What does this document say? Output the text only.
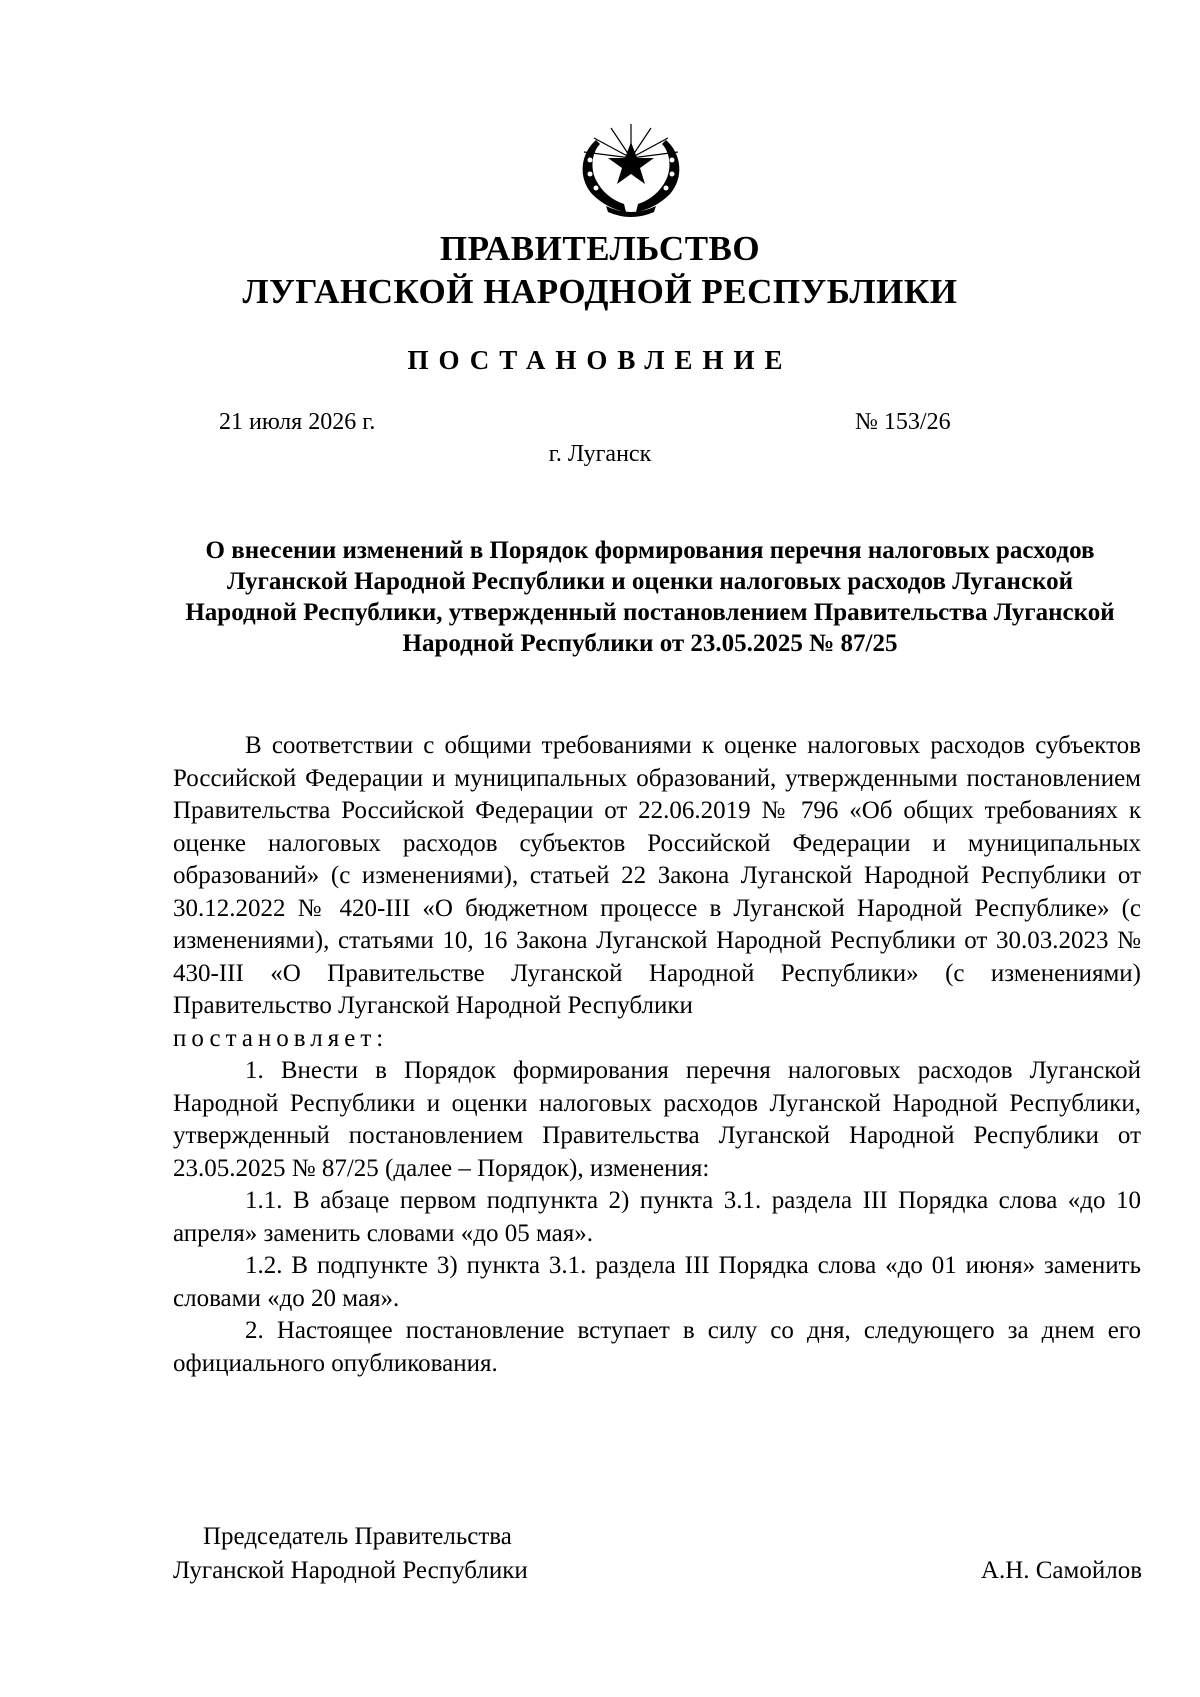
ПРАВИТЕЛЬСТВО
ЛУГАНСКОЙ НАРОДНОЙ РЕСПУБЛИКИ
ПОСТАНОВЛЕНИЕ
21 июля 2026 г.	№ 153/26
г. Луганск
О внесении изменений в Порядок формирования перечня налоговых расходов Луганской Народной Республики и оценки налоговых расходов Луганской Народной Республики, утвержденный постановлением Правительства Луганской Народной Республики от 23.05.2025 № 87/25

В соответствии с общими требованиями к оценке налоговых расходов субъектов Российской Федерации и муниципальных образований, утвержденными постановлением Правительства Российской Федерации от 22.06.2019 № 796 «Об общих требованиях к оценке налоговых расходов субъектов Российской Федерации и муниципальных образований» (с изменениями), статьей 22 Закона Луганской Народной Республики от 30.12.2022 № 420-III «О бюджетном процессе в Луганской Народной Республике» (с изменениями), статьями 10, 16 Закона Луганской Народной Республики от 30.03.2023 № 430-III «О Правительстве Луганской Народной Республики» (с изменениями) Правительство Луганской Народной Республики

постановляет:

1. Внести в Порядок формирования перечня налоговых расходов Луганской Народной Республики и оценки налоговых расходов Луганской Народной Республики, утвержденный постановлением Правительства Луганской Народной Республики от 23.05.2025 № 87/25 (далее – Порядок), изменения:

1.1. В абзаце первом подпункта 2) пункта 3.1. раздела III Порядка слова «до 10 апреля» заменить словами «до 05 мая».

1.2. В подпункте 3) пункта 3.1. раздела III Порядка слова «до 01 июня» заменить словами «до 20 мая».

2. Настоящее постановление вступает в силу со дня, следующего за днем его официального опубликования.

Председатель Правительства
Луганской Народной Республики	А.Н. Самойлов
